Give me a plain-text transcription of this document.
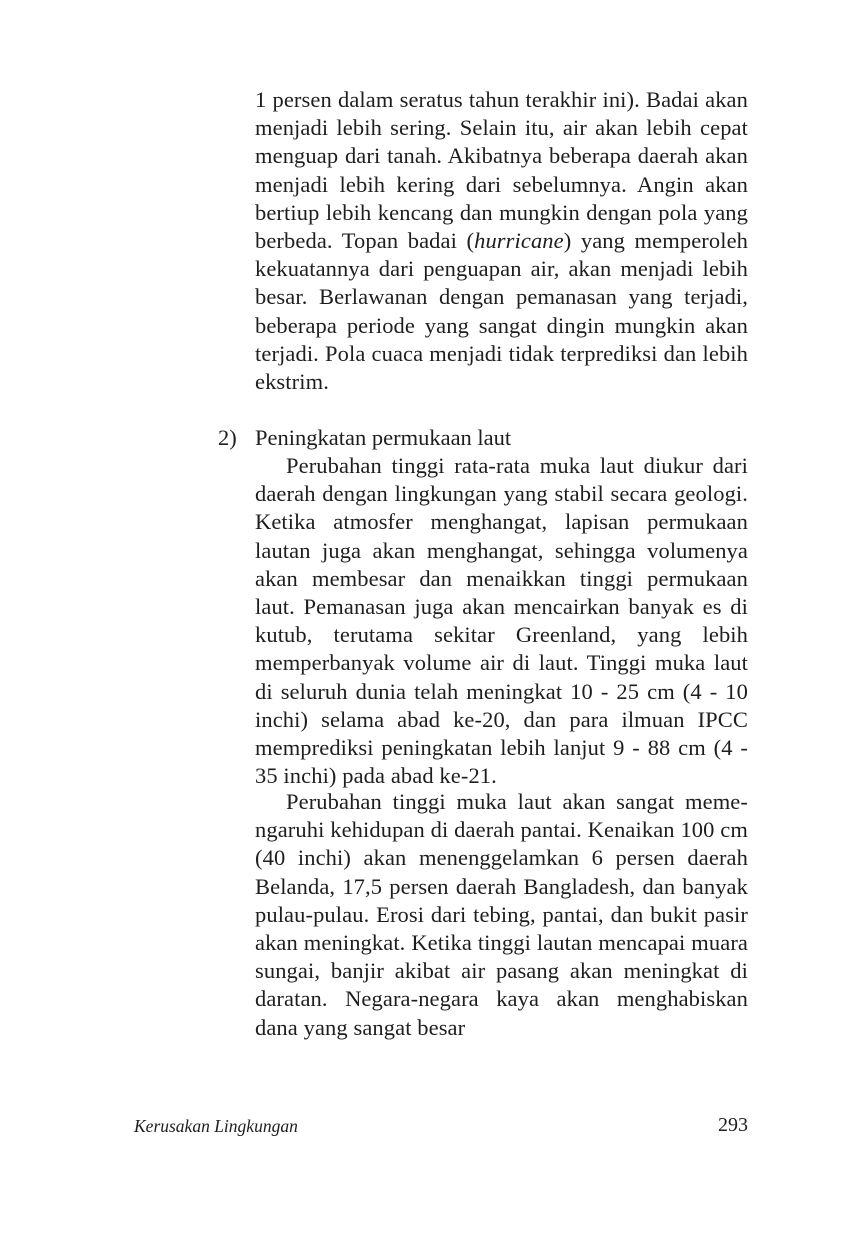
1 persen dalam seratus tahun terakhir ini). Badai akan menjadi lebih sering. Selain itu, air akan lebih cepat menguap dari tanah. Akibatnya beberapa daerah akan menjadi lebih kering dari sebelumnya. Angin akan bertiup lebih kencang dan mungkin dengan pola yang berbeda. Topan badai (hurricane) yang memperoleh kekuatannya dari penguapan air, akan menjadi lebih besar. Berlawanan dengan pemanasan yang terjadi, beberapa periode yang sangat dingin mungkin akan terjadi. Pola cuaca menjadi tidak terprediksi dan lebih ekstrim.

2) Peningkatan permukaan laut

Perubahan tinggi rata-rata muka laut diukur dari daerah dengan lingkungan yang stabil secara geologi. Ketika atmosfer menghangat, lapisan permukaan lautan juga akan menghangat, sehingga volumenya akan membesar dan menaikkan tinggi permukaan laut. Pemanasan juga akan mencairkan banyak es di kutub, terutama sekitar Greenland, yang lebih memperbanyak volume air di laut. Tinggi muka laut di seluruh dunia telah meningkat 10 - 25 cm (4 - 10 inchi) selama abad ke-20, dan para ilmuan IPCC memprediksi peningkatan lebih lanjut 9 - 88 cm (4 - 35 inchi) pada abad ke-21.

Perubahan tinggi muka laut akan sangat meme-ngaruhi kehidupan di daerah pantai. Kenaikan 100 cm (40 inchi) akan menenggelamkan 6 persen daerah Belanda, 17,5 persen daerah Bangladesh, dan banyak pulau-pulau. Erosi dari tebing, pantai, dan bukit pasir akan meningkat. Ketika tinggi lautan mencapai muara sungai, banjir akibat air pasang akan meningkat di daratan. Negara-negara kaya akan menghabiskan dana yang sangat besar

Kerusakan Lingkungan	293
